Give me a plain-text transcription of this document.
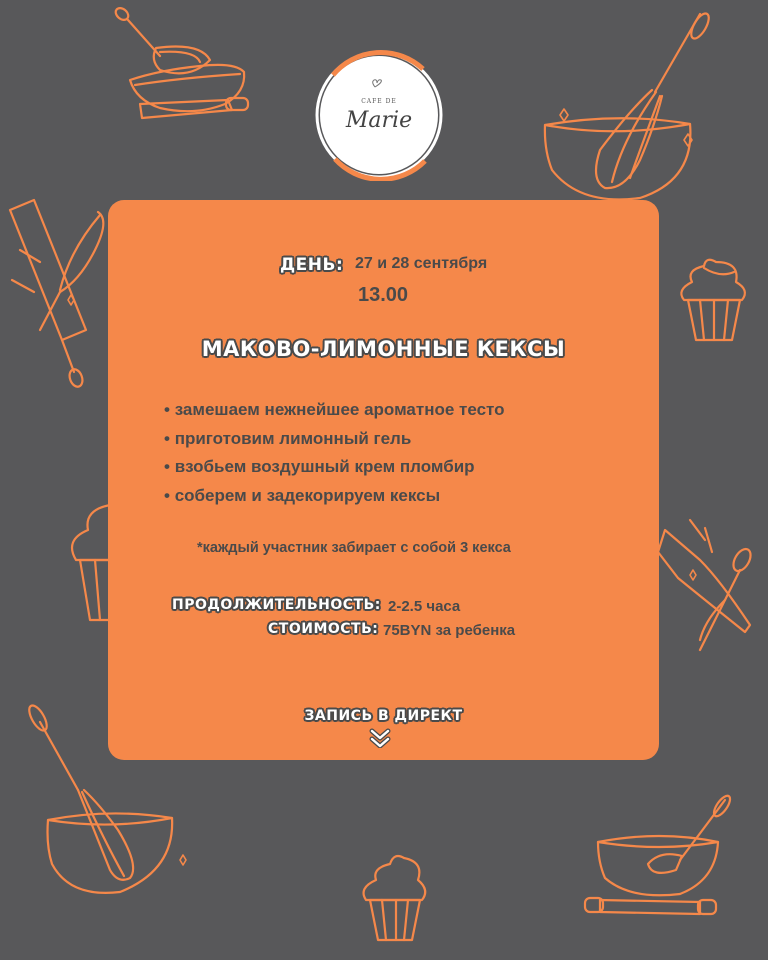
CAFE DE
Marie
ДЕНЬ: 27 и 28 сентября
13.00
МАКОВО-ЛИМОННЫЕ КЕКСЫ
• замешаем нежнейшее ароматное тесто
• приготовим лимонный гель
• взобьем воздушный крем пломбир
• соберем и задекорируем кексы
*каждый участник забирает с собой 3 кекса
ПРОДОЛЖИТЕЛЬНОСТЬ: 2-2.5 часа
СТОИМОСТЬ: 75BYN за ребенка
ЗАПИСЬ В ДИРЕКТ
